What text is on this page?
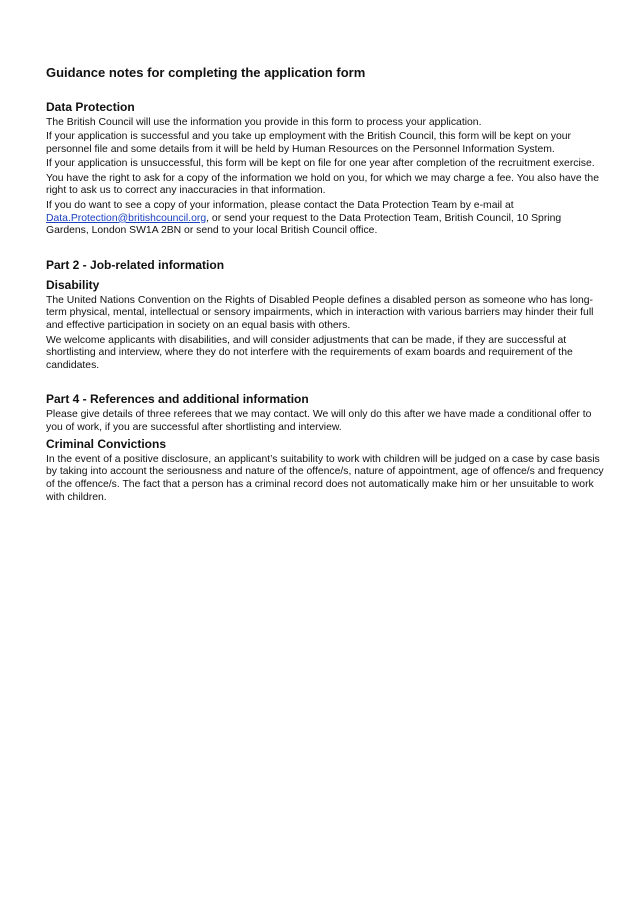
Guidance notes for completing the application form
Data Protection

The British Council will use the information you provide in this form to process your application.

If your application is successful and you take up employment with the British Council, this form will be kept on your personnel file and some details from it will be held by Human Resources on the Personnel Information System.

If your application is unsuccessful, this form will be kept on file for one year after completion of the recruitment exercise.

You have the right to ask for a copy of the information we hold on you, for which we may charge a fee. You also have the right to ask us to correct any inaccuracies in that information.

If you do want to see a copy of your information, please contact the Data Protection Team by e-mail at Data.Protection@britishcouncil.org, or send your request to the Data Protection Team, British Council, 10 Spring Gardens, London SW1A 2BN or send to your local British Council office.

Part 2 - Job-related information
Disability

The United Nations Convention on the Rights of Disabled People defines a disabled person as someone who has long-term physical, mental, intellectual or sensory impairments, which in interaction with various barriers may hinder their full and effective participation in society on an equal basis with others.

We welcome applicants with disabilities, and will consider adjustments that can be made, if they are successful at shortlisting and interview, where they do not interfere with the requirements of exam boards and requirement of the candidates.

Part 4 - References and additional information

Please give details of three referees that we may contact. We will only do this after we have made a conditional offer to you of work, if you are successful after shortlisting and interview.

Criminal Convictions

In the event of a positive disclosure, an applicant’s suitability to work with children will be judged on a case by case basis by taking into account the seriousness and nature of the offence/s, nature of appointment, age of offence/s and frequency of the offence/s. The fact that a person has a criminal record does not automatically make him or her unsuitable to work with children.
